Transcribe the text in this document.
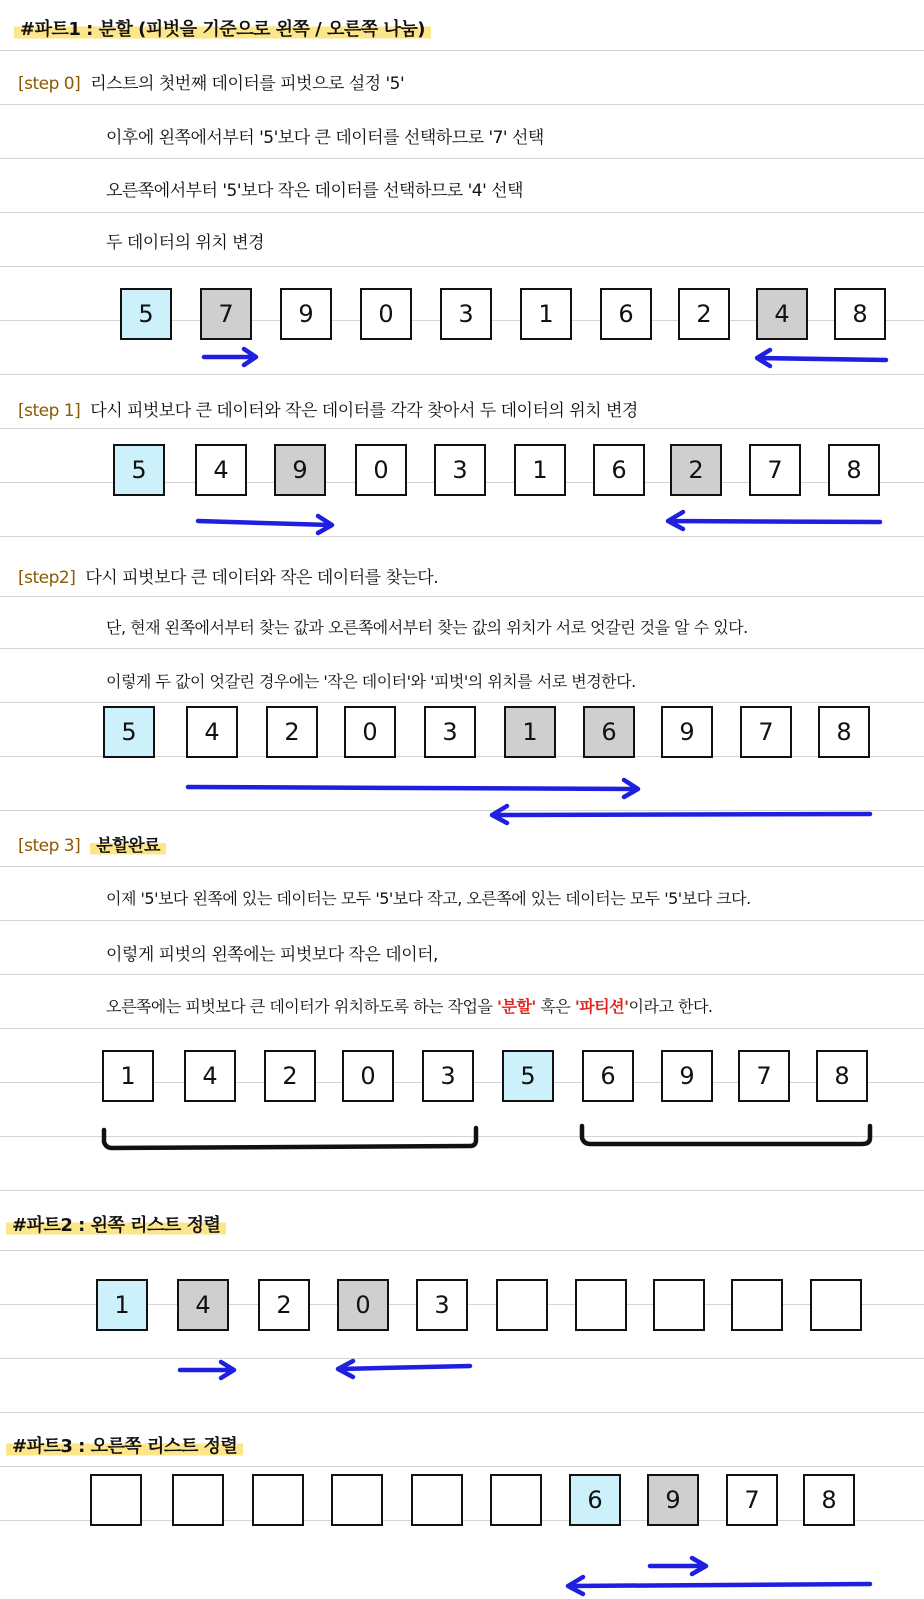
#파트1 : 분할 (피벗을 기준으로 왼쪽 / 오른쪽 나눔)
[step 0] 리스트의 첫번째 데이터를 피벗으로 설정 '5'
이후에 왼쪽에서부터 '5'보다 큰 데이터를 선택하므로 '7' 선택
오른쪽에서부터 '5'보다 작은 데이터를 선택하므로 '4' 선택
두 데이터의 위치 변경
5	7	9	0	3	1	6	2	4	8
[step 1] 다시 피벗보다 큰 데이터와 작은 데이터를 각각 찾아서 두 데이터의 위치 변경
5	4	9	0	3	1	6	2	7	8
[step2] 다시 피벗보다 큰 데이터와 작은 데이터를 찾는다.
단, 현재 왼쪽에서부터 찾는 값과 오른쪽에서부터 찾는 값의 위치가 서로 엇갈린 것을 알 수 있다.
이렇게 두 값이 엇갈린 경우에는 '작은 데이터'와 '피벗'의 위치를 서로 변경한다.
5	4	2	0	3	1	6	9	7	8
[step 3] 분할완료
이제 '5'보다 왼쪽에 있는 데이터는 모두 '5'보다 작고, 오른쪽에 있는 데이터는 모두 '5'보다 크다.
이렇게 피벗의 왼쪽에는 피벗보다 작은 데이터,
오른쪽에는 피벗보다 큰 데이터가 위치하도록 하는 작업을 '분할' 혹은 '파티션'이라고 한다.
1	4	2	0	3	5	6	9	7	8
#파트2 : 왼쪽 리스트 정렬
1	4	2	0	3
#파트3 : 오른쪽 리스트 정렬
6	9	7	8
